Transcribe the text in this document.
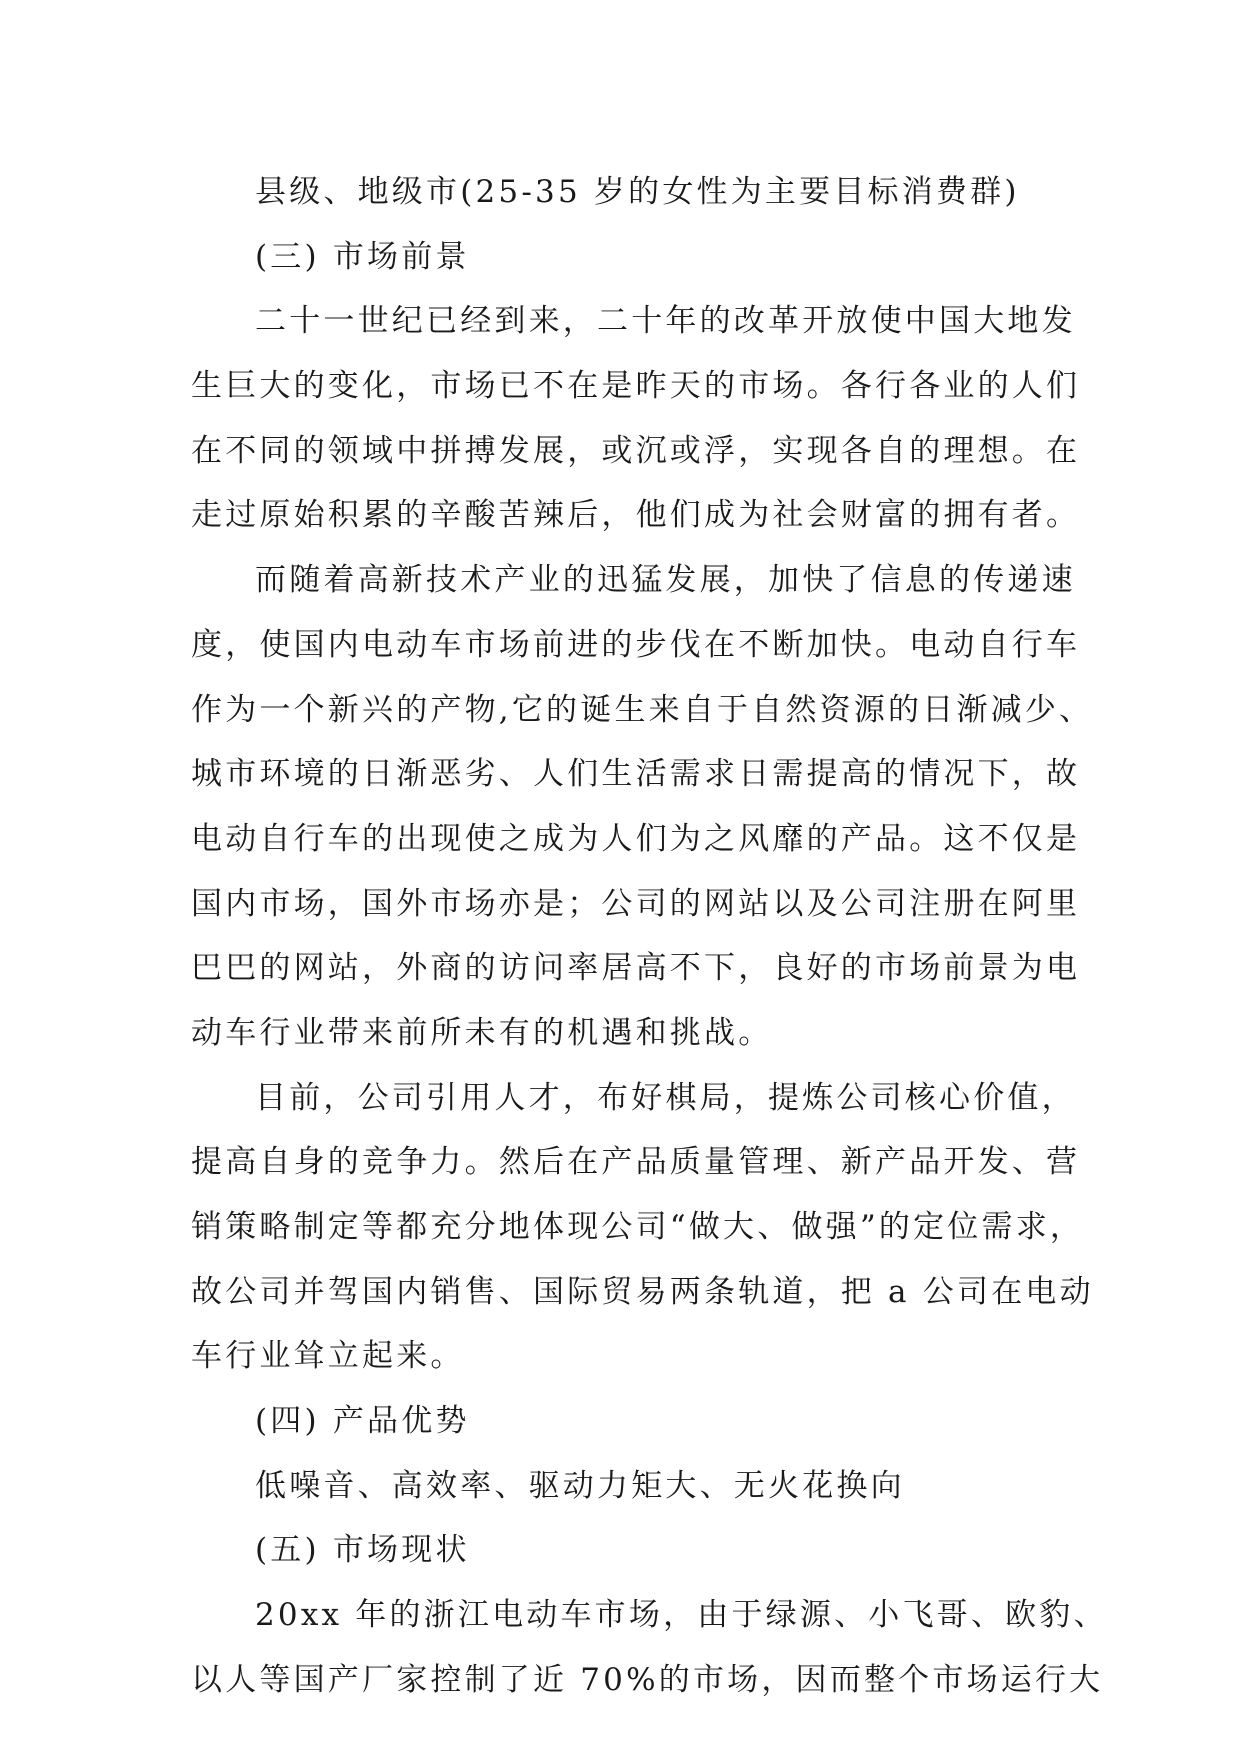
县级、地级市(25-35 岁的女性为主要目标消费群)

(三) 市场前景

二十一世纪已经到来，二十年的改革开放使中国大地发

生巨大的变化，市场已不在是昨天的市场。各行各业的人们

在不同的领域中拼搏发展，或沉或浮，实现各自的理想。在

走过原始积累的辛酸苦辣后，他们成为社会财富的拥有者。

而随着高新技术产业的迅猛发展，加快了信息的传递速

度，使国内电动车市场前进的步伐在不断加快。电动自行车

作为一个新兴的产物,它的诞生来自于自然资源的日渐减少、

城市环境的日渐恶劣、人们生活需求日需提高的情况下，故

电动自行车的出现使之成为人们为之风靡的产品。这不仅是

国内市场，国外市场亦是；公司的网站以及公司注册在阿里

巴巴的网站，外商的访问率居高不下，良好的市场前景为电

动车行业带来前所未有的机遇和挑战。

目前，公司引用人才，布好棋局，提炼公司核心价值，

提高自身的竞争力。然后在产品质量管理、新产品开发、营

销策略制定等都充分地体现公司“做大、做强”的定位需求，

故公司并驾国内销售、国际贸易两条轨道，把 a 公司在电动

车行业耸立起来。

(四) 产品优势

低噪音、高效率、驱动力矩大、无火花换向

(五) 市场现状

20xx 年的浙江电动车市场，由于绿源、小飞哥、欧豹、

以人等国产厂家控制了近 70%的市场，因而整个市场运行大
